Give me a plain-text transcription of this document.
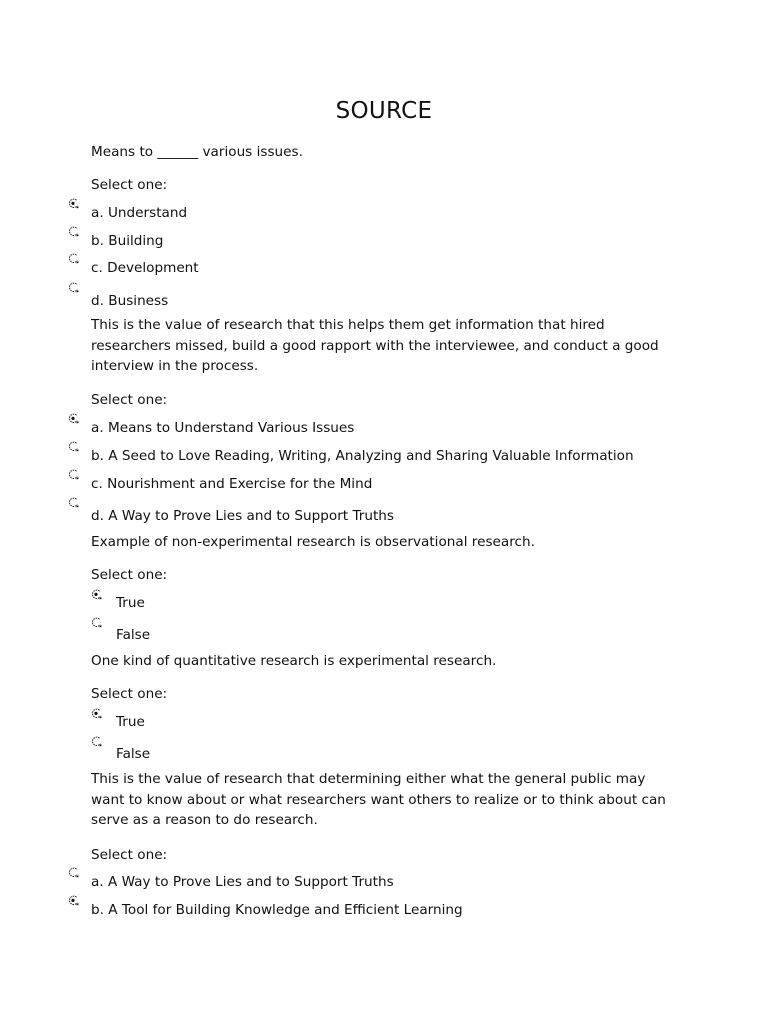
SOURCE
Means to ______ various issues.
Select one:
a. Understand
b. Building
c. Development
d. Business
This is the value of research that this helps them get information that hired researchers missed, build a good rapport with the interviewee, and conduct a good interview in the process.
Select one:
a. Means to Understand Various Issues
b. A Seed to Love Reading, Writing, Analyzing and Sharing Valuable Information
c. Nourishment and Exercise for the Mind
d. A Way to Prove Lies and to Support Truths
Example of non-experimental research is observational research.
Select one:
True
False
One kind of quantitative research is experimental research.
Select one:
True
False
This is the value of research that determining either what the general public may want to know about or what researchers want others to realize or to think about can serve as a reason to do research.
Select one:
a. A Way to Prove Lies and to Support Truths
b. A Tool for Building Knowledge and Efficient Learning
